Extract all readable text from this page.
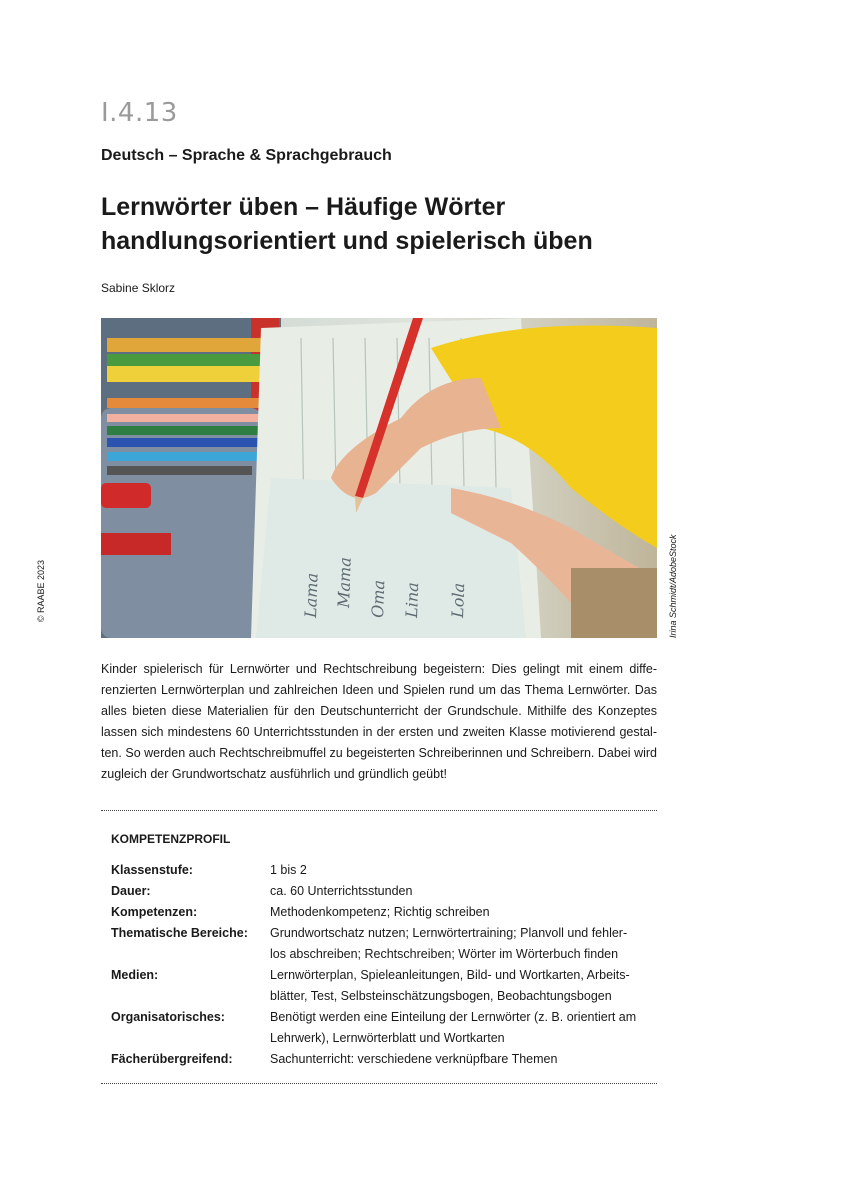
I.4.13
Deutsch – Sprache & Sprachgebrauch
Lernwörter üben – Häufige Wörter
handlungsorientiert und spielerisch üben
Sabine Sklorz
Lama Mama Oma Lina Lola	Irina Schmidt/AdobeStock
© RAABE 2023

Kinder spielerisch für Lernwörter und Rechtschreibung begeistern: Dies gelingt mit einem diffe- renzierten Lernwörterplan und zahlreichen Ideen und Spielen rund um das Thema Lernwörter. Das alles bieten diese Materialien für den Deutschunterricht der Grundschule. Mithilfe des Konzeptes lassen sich mindestens 60 Unterrichtsstunden in der ersten und zweiten Klasse motivierend gestal- ten. So werden auch Rechtschreibmuffel zu begeisterten Schreiberinnen und Schreibern. Dabei wird zugleich der Grundwortschatz ausführlich und gründlich geübt!

KOMPETENZPROFIL
Klassenstufe:	1 bis 2
Dauer:	ca. 60 Unterrichtsstunden
Kompetenzen:	Methodenkompetenz; Richtig schreiben
Thematische Bereiche:	Grundwortschatz nutzen; Lernwörtertraining; Planvoll und fehler-
los abschreiben; Rechtschreiben; Wörter im Wörterbuch finden
Medien:	Lernwörterplan, Spieleanleitungen, Bild- und Wortkarten, Arbeits-
blätter, Test, Selbsteinschätzungsbogen, Beobachtungsbogen
Organisatorisches:	Benötigt werden eine Einteilung der Lernwörter (z. B. orientiert am
Lehrwerk), Lernwörterblatt und Wortkarten
Fächerübergreifend:	Sachunterricht: verschiedene verknüpfbare Themen
